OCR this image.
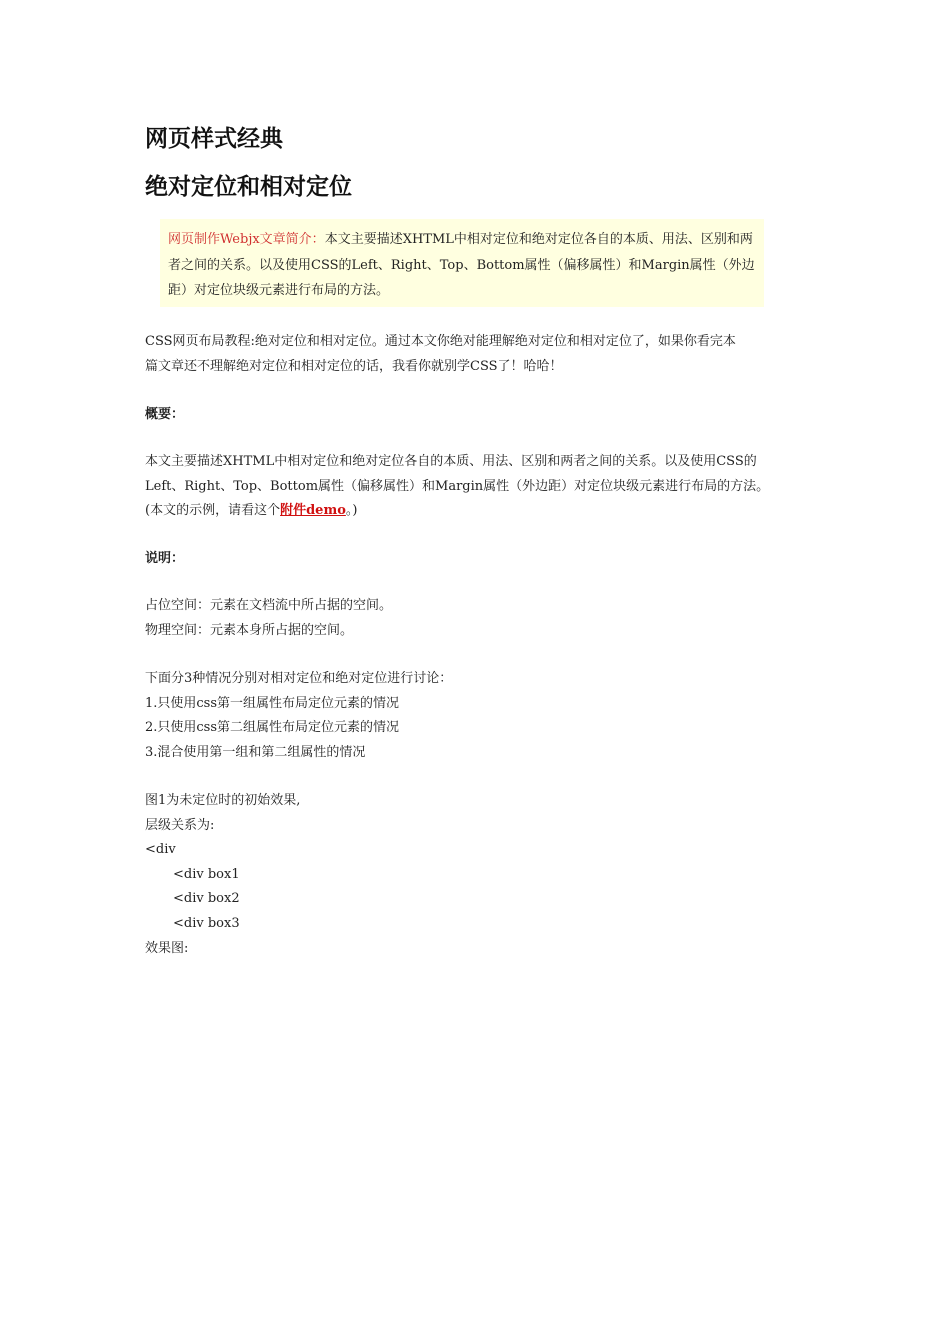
网页样式经典
绝对定位和相对定位
网页制作Webjx文章简介：本文主要描述XHTML中相对定位和绝对定位各自的本质、用法、区别和两者之间的关系。以及使用CSS的Left、Right、Top、Bottom属性（偏移属性）和Margin属性（外边距）对定位块级元素进行布局的方法。
CSS网页布局教程:绝对定位和相对定位。通过本文你绝对能理解绝对定位和相对定位了，如果你看完本
篇文章还不理解绝对定位和相对定位的话，我看你就别学CSS了！哈哈！
概要：
本文主要描述XHTML中相对定位和绝对定位各自的本质、用法、区别和两者之间的关系。以及使用CSS的
Left、Right、Top、Bottom属性（偏移属性）和Margin属性（外边距）对定位块级元素进行布局的方法。
(本文的示例，请看这个附件demo。)
说明：
占位空间：元素在文档流中所占据的空间。
物理空间：元素本身所占据的空间。
下面分3种情况分别对相对定位和绝对定位进行讨论：
1.只使用css第一组属性布局定位元素的情况
2.只使用css第二组属性布局定位元素的情况
3.混合使用第一组和第二组属性的情况
图1为未定位时的初始效果,
层级关系为:
<div
<div box1
<div box2
<div box3
效果图:
